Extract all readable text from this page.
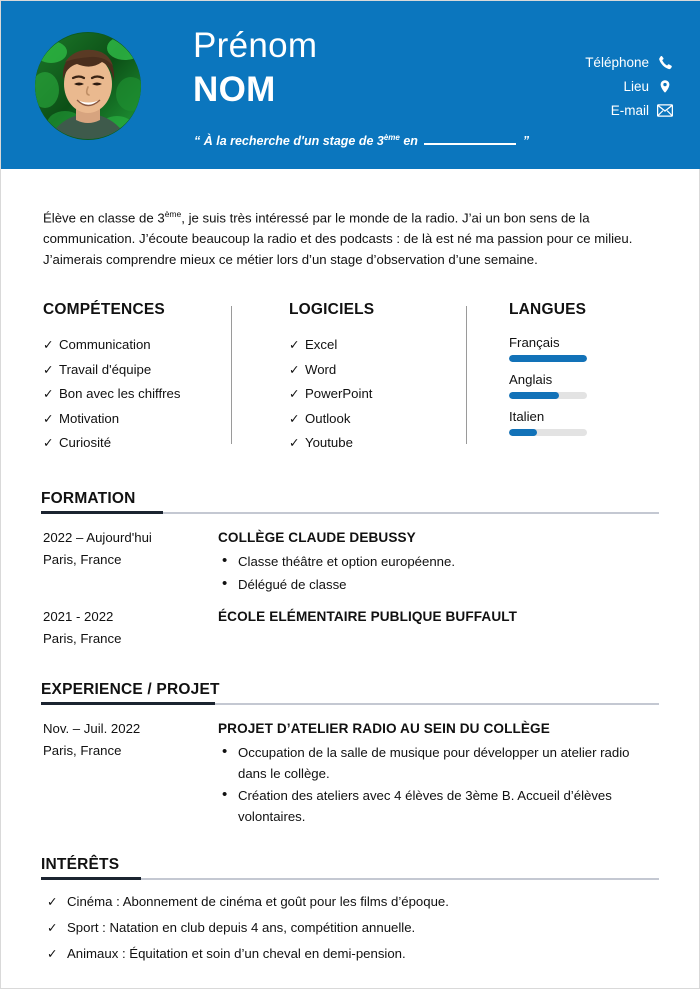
Prénom
NOM
“ À la recherche d'un stage de 3ème en	”
Téléphone
Lieu
E-mail

Élève en classe de 3ème, je suis très intéressé par le monde de la radio. J’ai un bon sens de la communication. J’écoute beaucoup la radio et des podcasts : de là est né ma passion pour ce milieu. J’aimerais comprendre mieux ce métier lors d’un stage d’observation d’une semaine.

COMPÉTENCES
✓ Communication
✓ Travail d'équipe
✓ Bon avec les chiffres
✓ Motivation
✓ Curiosité
LOGICIELS
✓ Excel
✓ Word
✓ PowerPoint
✓ Outlook
✓ Youtube
LANGUES
Français
Anglais
Italien
FORMATION
2022 – Aujourd'hui
Paris, France
COLLÈGE CLAUDE DEBUSSY
• Classe théâtre et option européenne.
• Délégué de classe
2021 - 2022
Paris, France
ÉCOLE ELÉMENTAIRE PUBLIQUE BUFFAULT
EXPERIENCE / PROJET
Nov. – Juil. 2022
Paris, France
PROJET D’ATELIER RADIO AU SEIN DU COLLÈGE
• Occupation de la salle de musique pour développer un atelier radio dans le collège.
• Création des ateliers avec 4 élèves de 3ème B. Accueil d’élèves volontaires.
INTÉRÊTS
✓ Cinéma : Abonnement de cinéma et goût pour les films d’époque.
✓ Sport : Natation en club depuis 4 ans, compétition annuelle.
✓ Animaux : Équitation et soin d’un cheval en demi-pension.
